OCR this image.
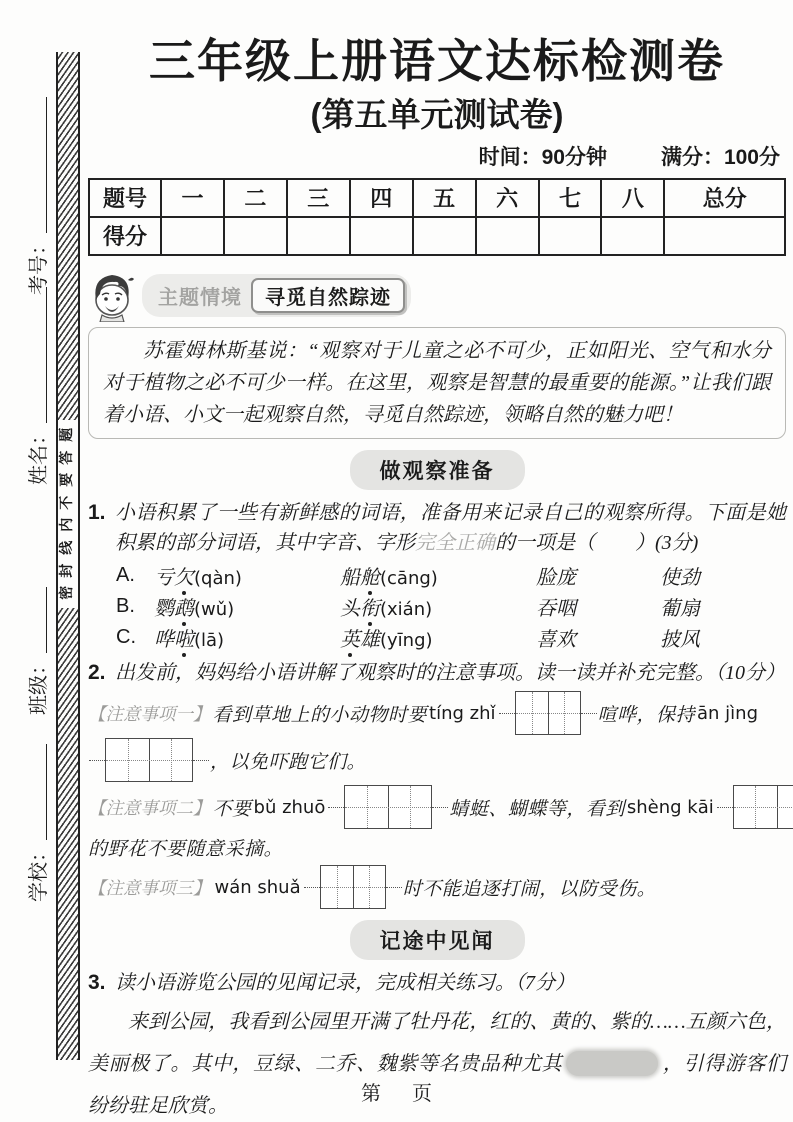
考号：
姓名：
班级：
学校：
题
答
要
不
内
线
封
密
三年级上册语文达标检测卷
(第五单元测试卷)
时间：90分钟	满分：100分
题号	一	二	三	四	五	六	七	八	总分
得分									
主题情境	寻觅自然踪迹
苏霍姆林斯基说：“观察对于儿童之必不可少，正如阳光、空气和水分对于植物之必不可少一样。在这里，观察是智慧的最重要的能源。”让我们跟着小语、小文一起观察自然，寻觅自然踪迹，领略自然的魅力吧！
做观察准备
1. 小语积累了一些有新鲜感的词语，准备用来记录自己的观察所得。下面是她积累的部分词语，其中字音、字形完全正确的一项是（　　）(3分)
A. 亏欠(qàn)	船舱(cāng)	脸庞	使劲
B. 鹦鹉(wǔ)	头衔(xián)	吞咽	葡扇
C. 哗啦(lā)	英雄(yīng)	喜欢	披风
2. 出发前，妈妈给小语讲解了观察时的注意事项。读一读并补充完整。（10分）
【注意事项一】 看到草地上的小动物时要 tíng zhǐ	喧哗，保持 ān jìng
，以免吓跑它们。
【注意事项二】 不要 bǔ zhuō	蜻蜓、蝴蝶等，看到 shèng kāi
的野花不要随意采摘。
【注意事项三】 wán shuǎ	时不能追逐打闹，以防受伤。
记途中见闻
3. 读小语游览公园的见闻记录，完成相关练习。（7分）

来到公园，我看到公园里开满了牡丹花，红的、黄的、紫的……五颜六色，美丽极了。其中，豆绿、二乔、魏紫等名贵品种尤其	，引得游客们纷纷驻足欣赏。

第 页
